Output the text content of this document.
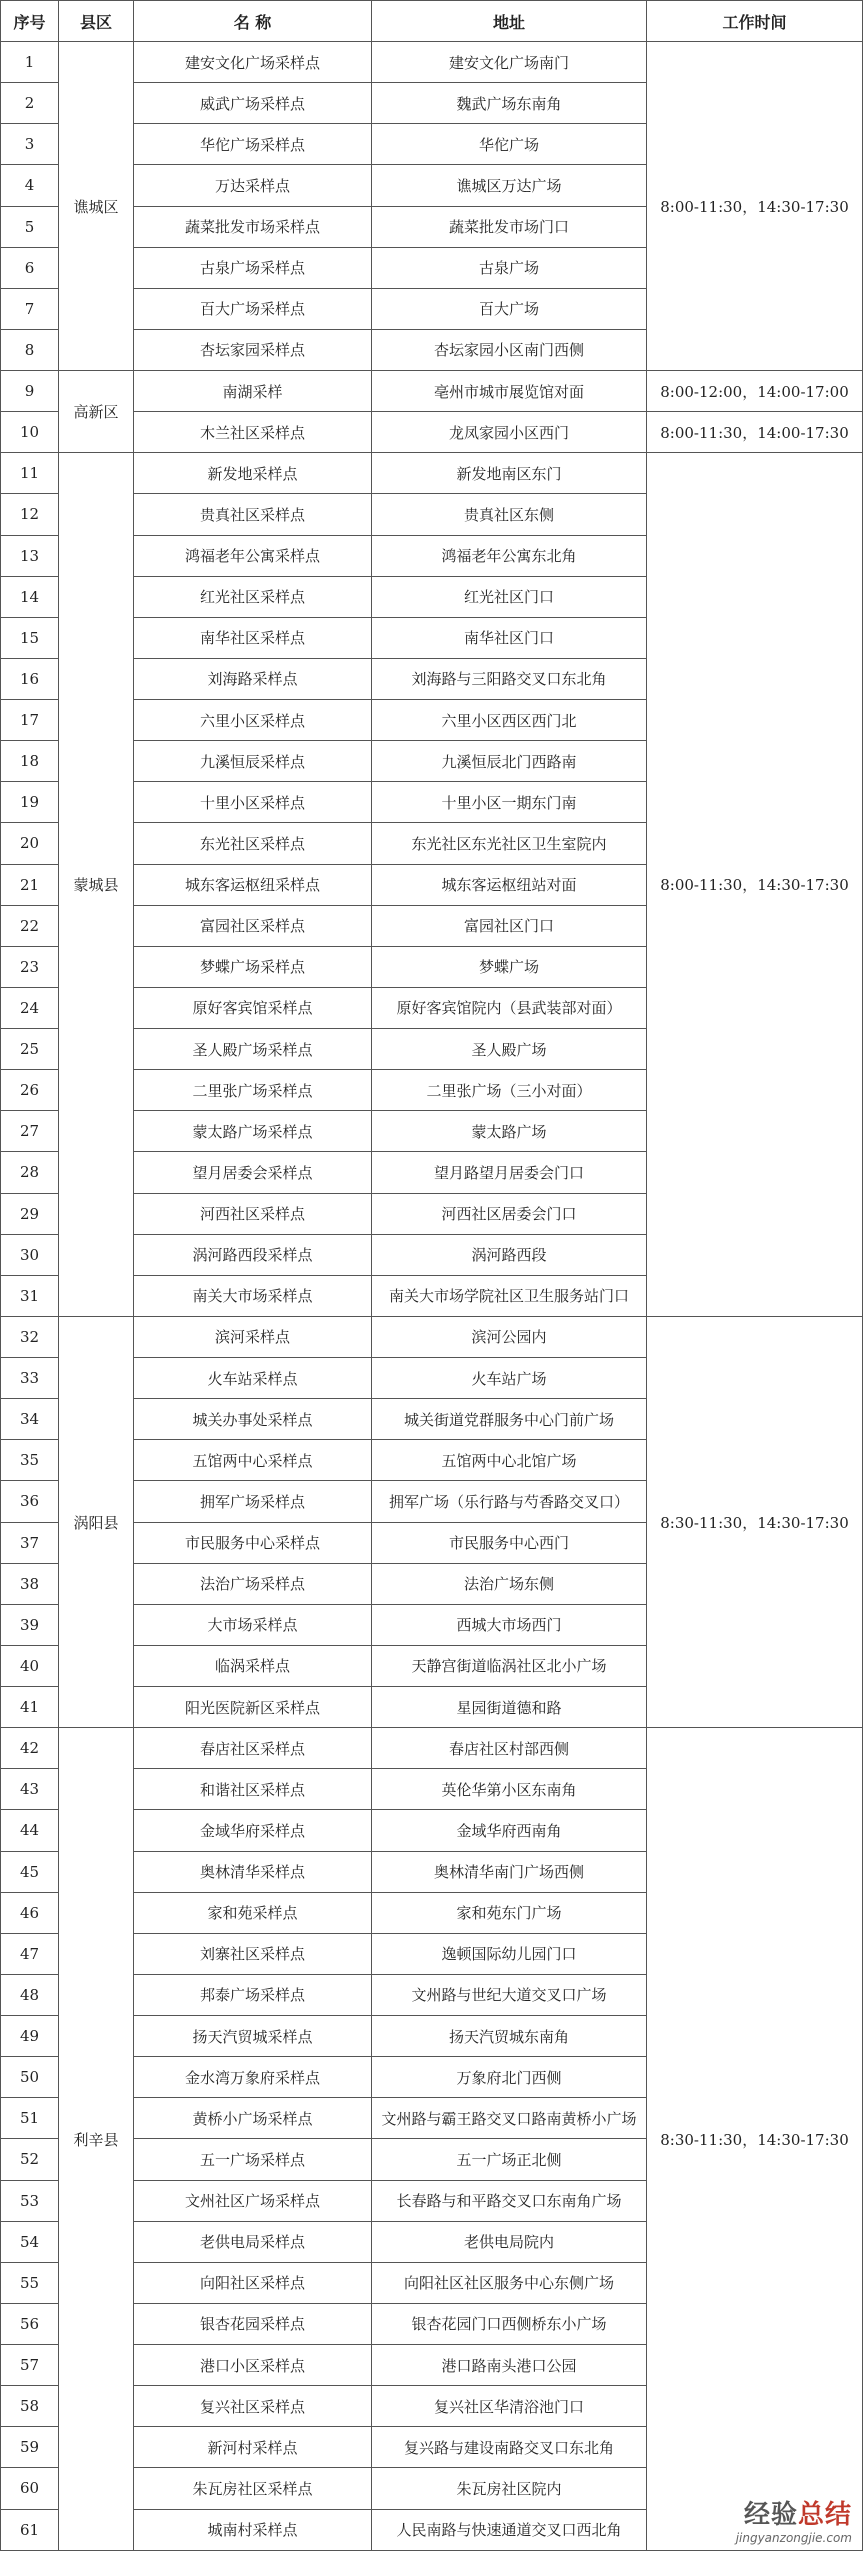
序号	县区	名 称	地址	工作时间
1	谯城区	建安文化广场采样点	建安文化广场南门	8:00-11:30，14:30-17:30
2		威武广场采样点	魏武广场东南角	
3		华佗广场采样点	华佗广场	
4		万达采样点	谯城区万达广场	
5		蔬菜批发市场采样点	蔬菜批发市场门口	
6		古泉广场采样点	古泉广场	
7		百大广场采样点	百大广场	
8		杏坛家园采样点	杏坛家园小区南门西侧	
9	高新区	南湖采样	亳州市城市展览馆对面	8:00-12:00，14:00-17:00
10		木兰社区采样点	龙凤家园小区西门	8:00-11:30，14:00-17:30
11	蒙城县	新发地采样点	新发地南区东门	8:00-11:30，14:30-17:30
12		贵真社区采样点	贵真社区东侧	
13		鸿福老年公寓采样点	鸿福老年公寓东北角	
14		红光社区采样点	红光社区门口	
15		南华社区采样点	南华社区门口	
16		刘海路采样点	刘海路与三阳路交叉口东北角	
17		六里小区采样点	六里小区西区西门北	
18		九溪恒辰采样点	九溪恒辰北门西路南	
19		十里小区采样点	十里小区一期东门南	
20		东光社区采样点	东光社区东光社区卫生室院内	
21		城东客运枢纽采样点	城东客运枢纽站对面	
22		富园社区采样点	富园社区门口	
23		梦蝶广场采样点	梦蝶广场	
24		原好客宾馆采样点	原好客宾馆院内（县武装部对面）	
25		圣人殿广场采样点	圣人殿广场	
26		二里张广场采样点	二里张广场（三小对面）	
27		蒙太路广场采样点	蒙太路广场	
28		望月居委会采样点	望月路望月居委会门口	
29		河西社区采样点	河西社区居委会门口	
30		涡河路西段采样点	涡河路西段	
31		南关大市场采样点	南关大市场学院社区卫生服务站门口	
32	涡阳县	滨河采样点	滨河公园内	8:30-11:30，14:30-17:30
33		火车站采样点	火车站广场	
34		城关办事处采样点	城关街道党群服务中心门前广场	
35		五馆两中心采样点	五馆两中心北馆广场	
36		拥军广场采样点	拥军广场（乐行路与芍香路交叉口）	
37		市民服务中心采样点	市民服务中心西门	
38		法治广场采样点	法治广场东侧	
39		大市场采样点	西城大市场西门	
40		临涡采样点	天静宫街道临涡社区北小广场	
41		阳光医院新区采样点	星园街道德和路	
42	利辛县	春店社区采样点	春店社区村部西侧	8:30-11:30，14:30-17:30
43		和谐社区采样点	英伦华第小区东南角	
44		金域华府采样点	金域华府西南角	
45		奥林清华采样点	奥林清华南门广场西侧	
46		家和苑采样点	家和苑东门广场	
47		刘寨社区采样点	逸顿国际幼儿园门口	
48		邦泰广场采样点	文州路与世纪大道交叉口广场	
49		扬天汽贸城采样点	扬天汽贸城东南角	
50		金水湾万象府采样点	万象府北门西侧	
51		黄桥小广场采样点	文州路与霸王路交叉口路南黄桥小广场	
52		五一广场采样点	五一广场正北侧	
53		文州社区广场采样点	长春路与和平路交叉口东南角广场	
54		老供电局采样点	老供电局院内	
55		向阳社区采样点	向阳社区社区服务中心东侧广场	
56		银杏花园采样点	银杏花园门口西侧桥东小广场	
57		港口小区采样点	港口路南头港口公园	
58		复兴社区采样点	复兴社区华清浴池门口	
59		新河村采样点	复兴路与建设南路交叉口东北角	
60		朱瓦房社区采样点	朱瓦房社区院内	
61		城南村采样点	人民南路与快速通道交叉口西北角	
经验总结
jingyanzongjie.com
